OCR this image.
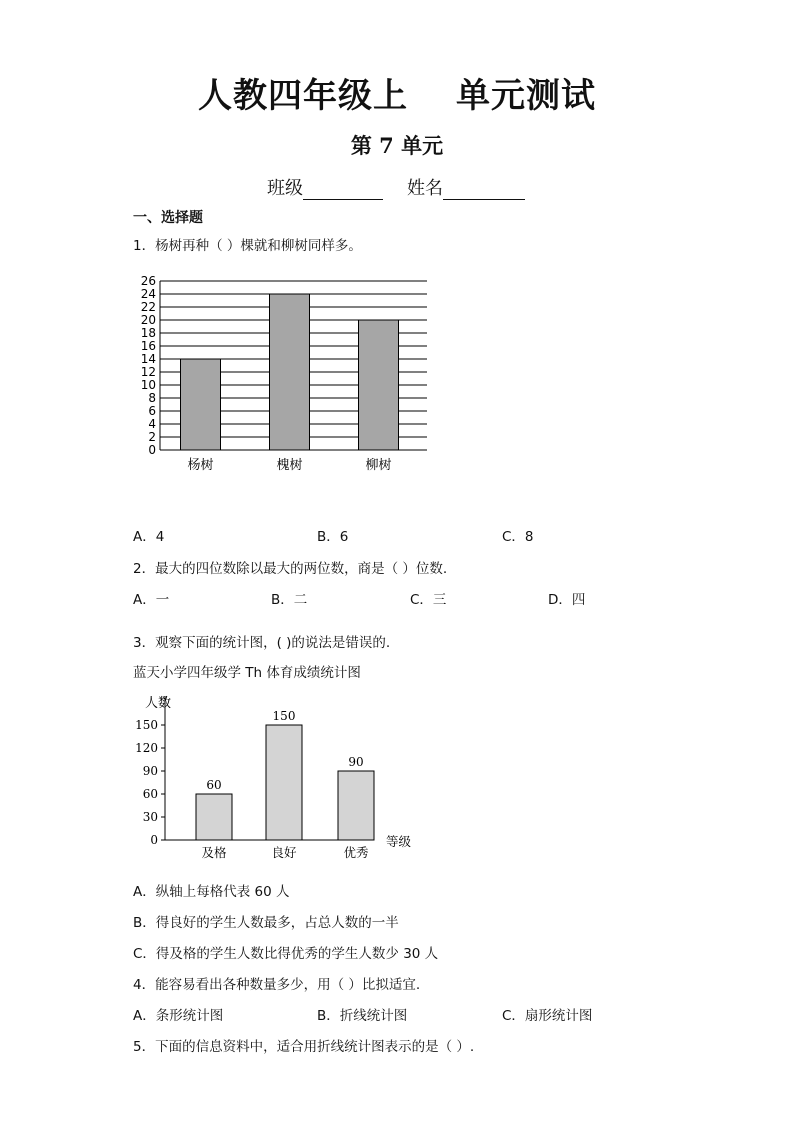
人教四年级上 单元测试
第 7 单元
班级	姓名
一、选择题
1．杨树再种（ ）棵就和柳树同样多。
0
2
4
6
8
10
12
14
16
18
20
22
24
26
杨树	槐树	柳树
A．4	B．6	C．8
2．最大的四位数除以最大的两位数，商是（ ）位数.
A．一	B．二	C．三	D．四
3．观察下面的统计图，( )的说法是错误的.
蓝天小学四年级学 Th 体育成绩统计图
人数
等级
0
30
60
90
120
150
及格	良好	优秀
60
150
90
A．纵轴上每格代表 60 人
B．得良好的学生人数最多，占总人数的一半
C．得及格的学生人数比得优秀的学生人数少 30 人
4．能容易看出各种数量多少，用（ ）比拟适宜.
A．条形统计图	B．折线统计图	C．扇形统计图
5．下面的信息资料中，适合用折线统计图表示的是（ ）.
